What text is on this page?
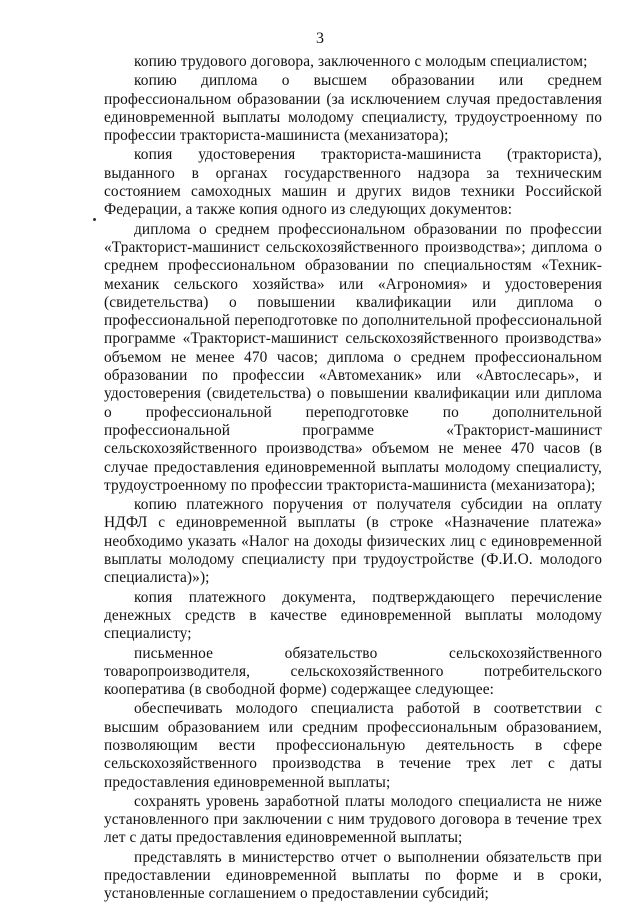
3

копию трудового договора, заключенного с молодым специалистом;

копию диплома о высшем образовании или среднем профессиональном образовании (за исключением случая предоставления единовременной выплаты молодому специалисту, трудоустроенному по профессии тракториста-машиниста (механизатора);

копия удостоверения тракториста-машиниста (тракториста), выданного в органах государственного надзора за техническим состоянием самоходных машин и других видов техники Российской Федерации, а также копия одного из следующих документов:

диплома о среднем профессиональном образовании по профессии «Тракторист-машинист сельскохозяйственного производства»; диплома о среднем профессиональном образовании по специальностям «Техник-механик сельского хозяйства» или «Агрономия» и удостоверения (свидетельства) о повышении квалификации или диплома о профессиональной переподготовке по дополнительной профессиональной программе «Тракторист-машинист сельскохозяйственного производства» объемом не менее 470 часов; диплома о среднем профессиональном образовании по профессии «Автомеханик» или «Автослесарь», и удостоверения (свидетельства) о повышении квалификации или диплома о профессиональной переподготовке по дополнительной профессиональной программе «Тракторист-машинист сельскохозяйственного производства» объемом не менее 470 часов (в случае предоставления единовременной выплаты молодому специалисту, трудоустроенному по профессии тракториста-машиниста (механизатора);

копию платежного поручения от получателя субсидии на оплату НДФЛ с единовременной выплаты (в строке «Назначение платежа» необходимо указать «Налог на доходы физических лиц с единовременной выплаты молодому специалисту при трудоустройстве (Ф.И.О. молодого специалиста)»);

копия платежного документа, подтверждающего перечисление денежных средств в качестве единовременной выплаты молодому специалисту;

письменное обязательство сельскохозяйственного товаропроизводителя, сельскохозяйственного потребительского кооператива (в свободной форме) содержащее следующее:

обеспечивать молодого специалиста работой в соответствии с высшим образованием или средним профессиональным образованием, позволяющим вести профессиональную деятельность в сфере сельскохозяйственного производства в течение трех лет с даты предоставления единовременной выплаты;

сохранять уровень заработной платы молодого специалиста не ниже установленного при заключении с ним трудового договора в течение трех лет с даты предоставления единовременной выплаты;

представлять в министерство отчет о выполнении обязательств при предоставлении единовременной выплаты по форме и в сроки, установленные соглашением о предоставлении субсидий;
